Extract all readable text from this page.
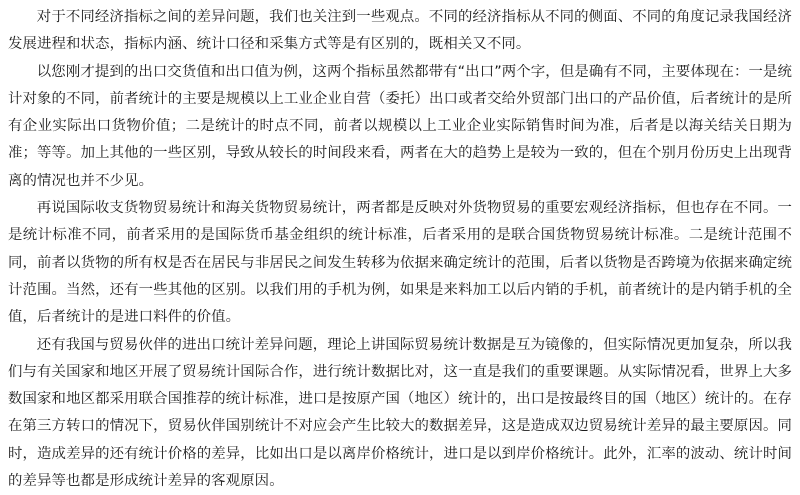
对于不同经济指标之间的差异问题，我们也关注到一些观点。不同的经济指标从不同的侧面、不同的角度记录我国经济发展进程和状态，指标内涵、统计口径和采集方式等是有区别的，既相关又不同。

以您刚才提到的出口交货值和出口值为例，这两个指标虽然都带有“出口”两个字，但是确有不同，主要体现在：一是统计对象的不同，前者统计的主要是规模以上工业企业自营（委托）出口或者交给外贸部门出口的产品价值，后者统计的是所有企业实际出口货物价值；二是统计的时点不同，前者以规模以上工业企业实际销售时间为准，后者是以海关结关日期为准；等等。加上其他的一些区别，导致从较长的时间段来看，两者在大的趋势上是较为一致的，但在个别月份历史上出现背离的情况也并不少见。

再说国际收支货物贸易统计和海关货物贸易统计，两者都是反映对外货物贸易的重要宏观经济指标，但也存在不同。一是统计标准不同，前者采用的是国际货币基金组织的统计标准，后者采用的是联合国货物贸易统计标准。二是统计范围不同，前者以货物的所有权是否在居民与非居民之间发生转移为依据来确定统计的范围，后者以货物是否跨境为依据来确定统计范围。当然，还有一些其他的区别。以我们用的手机为例，如果是来料加工以后内销的手机，前者统计的是内销手机的全值，后者统计的是进口料件的价值。

还有我国与贸易伙伴的进出口统计差异问题，理论上讲国际贸易统计数据是互为镜像的，但实际情况更加复杂，所以我们与有关国家和地区开展了贸易统计国际合作，进行统计数据比对，这一直是我们的重要课题。从实际情况看，世界上大多数国家和地区都采用联合国推荐的统计标准，进口是按原产国（地区）统计的，出口是按最终目的国（地区）统计的。在存在第三方转口的情况下，贸易伙伴国别统计不对应会产生比较大的数据差异，这是造成双边贸易统计差异的最主要原因。同时，造成差异的还有统计价格的差异，比如出口是以离岸价格统计，进口是以到岸价格统计。此外，汇率的波动、统计时间的差异等也都是形成统计差异的客观原因。
